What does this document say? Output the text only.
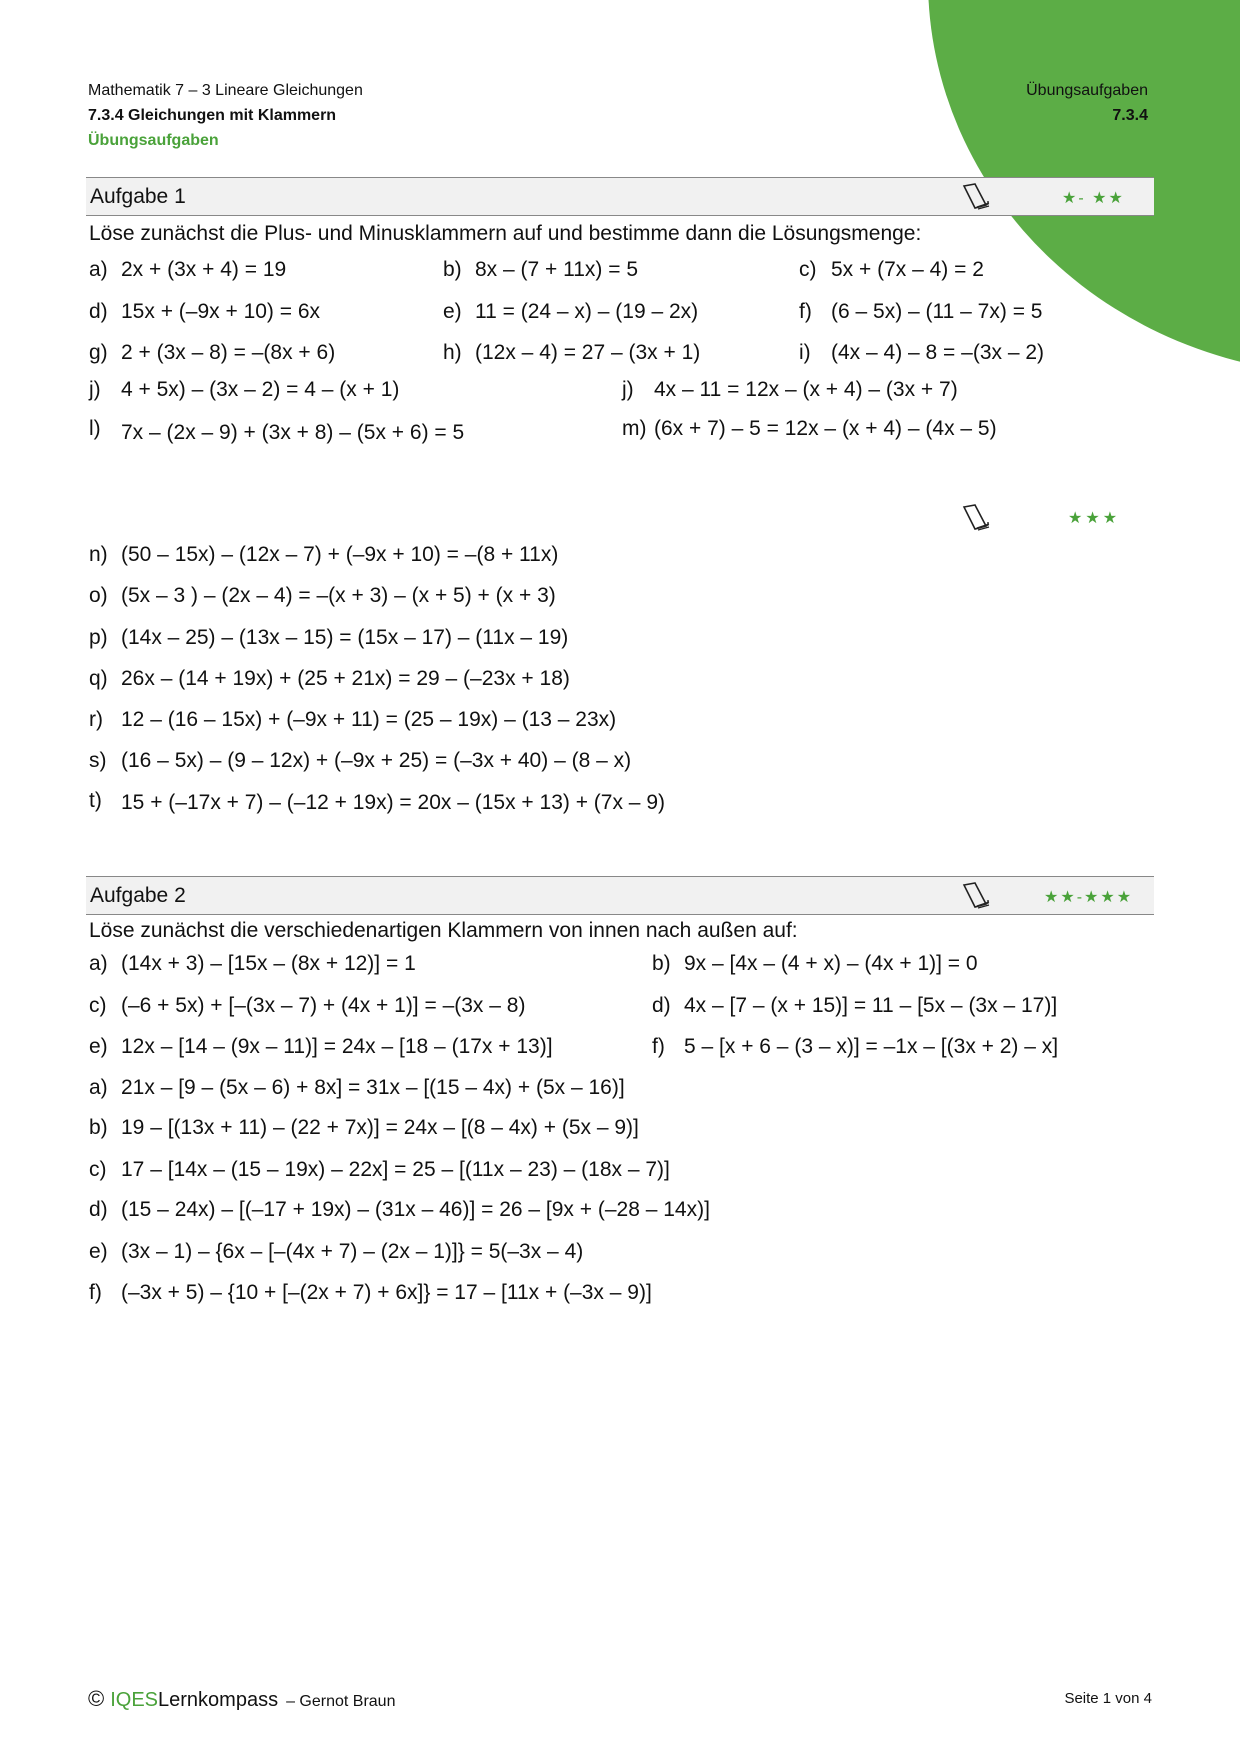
Mathematik 7 – 3 Lineare Gleichungen
7.3.4 Gleichungen mit Klammern
Übungsaufgaben
Übungsaufgaben
7.3.4
Aufgabe 1	★- ★★
Löse zunächst die Plus- und Minusklammern auf und bestimme dann die Lösungsmenge:
a) 2x + (3x + 4) = 19	b) 8x – (7 + 11x) = 5	c) 5x + (7x – 4) = 2
d) 15x + (–9x + 10) = 6x	e) 11 = (24 – x) – (19 – 2x)	f) (6 – 5x) – (11 – 7x) = 5
g) 2 + (3x – 8) = –(8x + 6)	h) (12x – 4) = 27 – (3x + 1)	i) (4x – 4) – 8 = –(3x – 2)
j) 4 + 5x) – (3x – 2) = 4 – (x + 1)	j) 4x – 11 = 12x – (x + 4) – (3x + 7)
l) 7x – (2x – 9) + (3x + 8) – (5x + 6) = 5	m) (6x + 7) – 5 = 12x – (x + 4) – (4x – 5)
★★★
n) (50 – 15x) – (12x – 7) + (–9x + 10) = –(8 + 11x)
o) (5x – 3 ) – (2x – 4) = –(x + 3) – (x + 5) + (x + 3)
p) (14x – 25) – (13x – 15) = (15x – 17) – (11x – 19)
q) 26x – (14 + 19x) + (25 + 21x) = 29 – (–23x + 18)
r) 12 – (16 – 15x) + (–9x + 11) = (25 – 19x) – (13 – 23x)
s) (16 – 5x) – (9 – 12x) + (–9x + 25) = (–3x + 40) – (8 – x)
t) 15 + (–17x + 7) – (–12 + 19x) = 20x – (15x + 13) + (7x – 9)
Aufgabe 2	★★-★★★
Löse zunächst die verschiedenartigen Klammern von innen nach außen auf:
a) (14x + 3) – [15x – (8x + 12)] = 1	b) 9x – [4x – (4 + x) – (4x + 1)] = 0
c) (–6 + 5x) + [–(3x – 7) + (4x + 1)] = –(3x – 8)	d) 4x – [7 – (x + 15)] = 11 – [5x – (3x – 17)]
e) 12x – [14 – (9x – 11)] = 24x – [18 – (17x + 13)]	f) 5 – [x + 6 – (3 – x)] = –1x – [(3x + 2) – x]
a) 21x – [9 – (5x – 6) + 8x] = 31x – [(15 – 4x) + (5x – 16)]
b) 19 – [(13x + 11) – (22 + 7x)] = 24x – [(8 – 4x) + (5x – 9)]
c) 17 – [14x – (15 – 19x) – 22x] = 25 – [(11x – 23) – (18x – 7)]
d) (15 – 24x) – [(–17 + 19x) – (31x – 46)] = 26 – [9x + (–28 – 14x)]
e) (3x – 1) – {6x – [–(4x + 7) – (2x – 1)]} = 5(–3x – 4)
f) (–3x + 5) – {10 + [–(2x + 7) + 6x]} = 17 – [11x + (–3x – 9)]
© IQESLernkompass – Gernot Braun	Seite 1 von 4
